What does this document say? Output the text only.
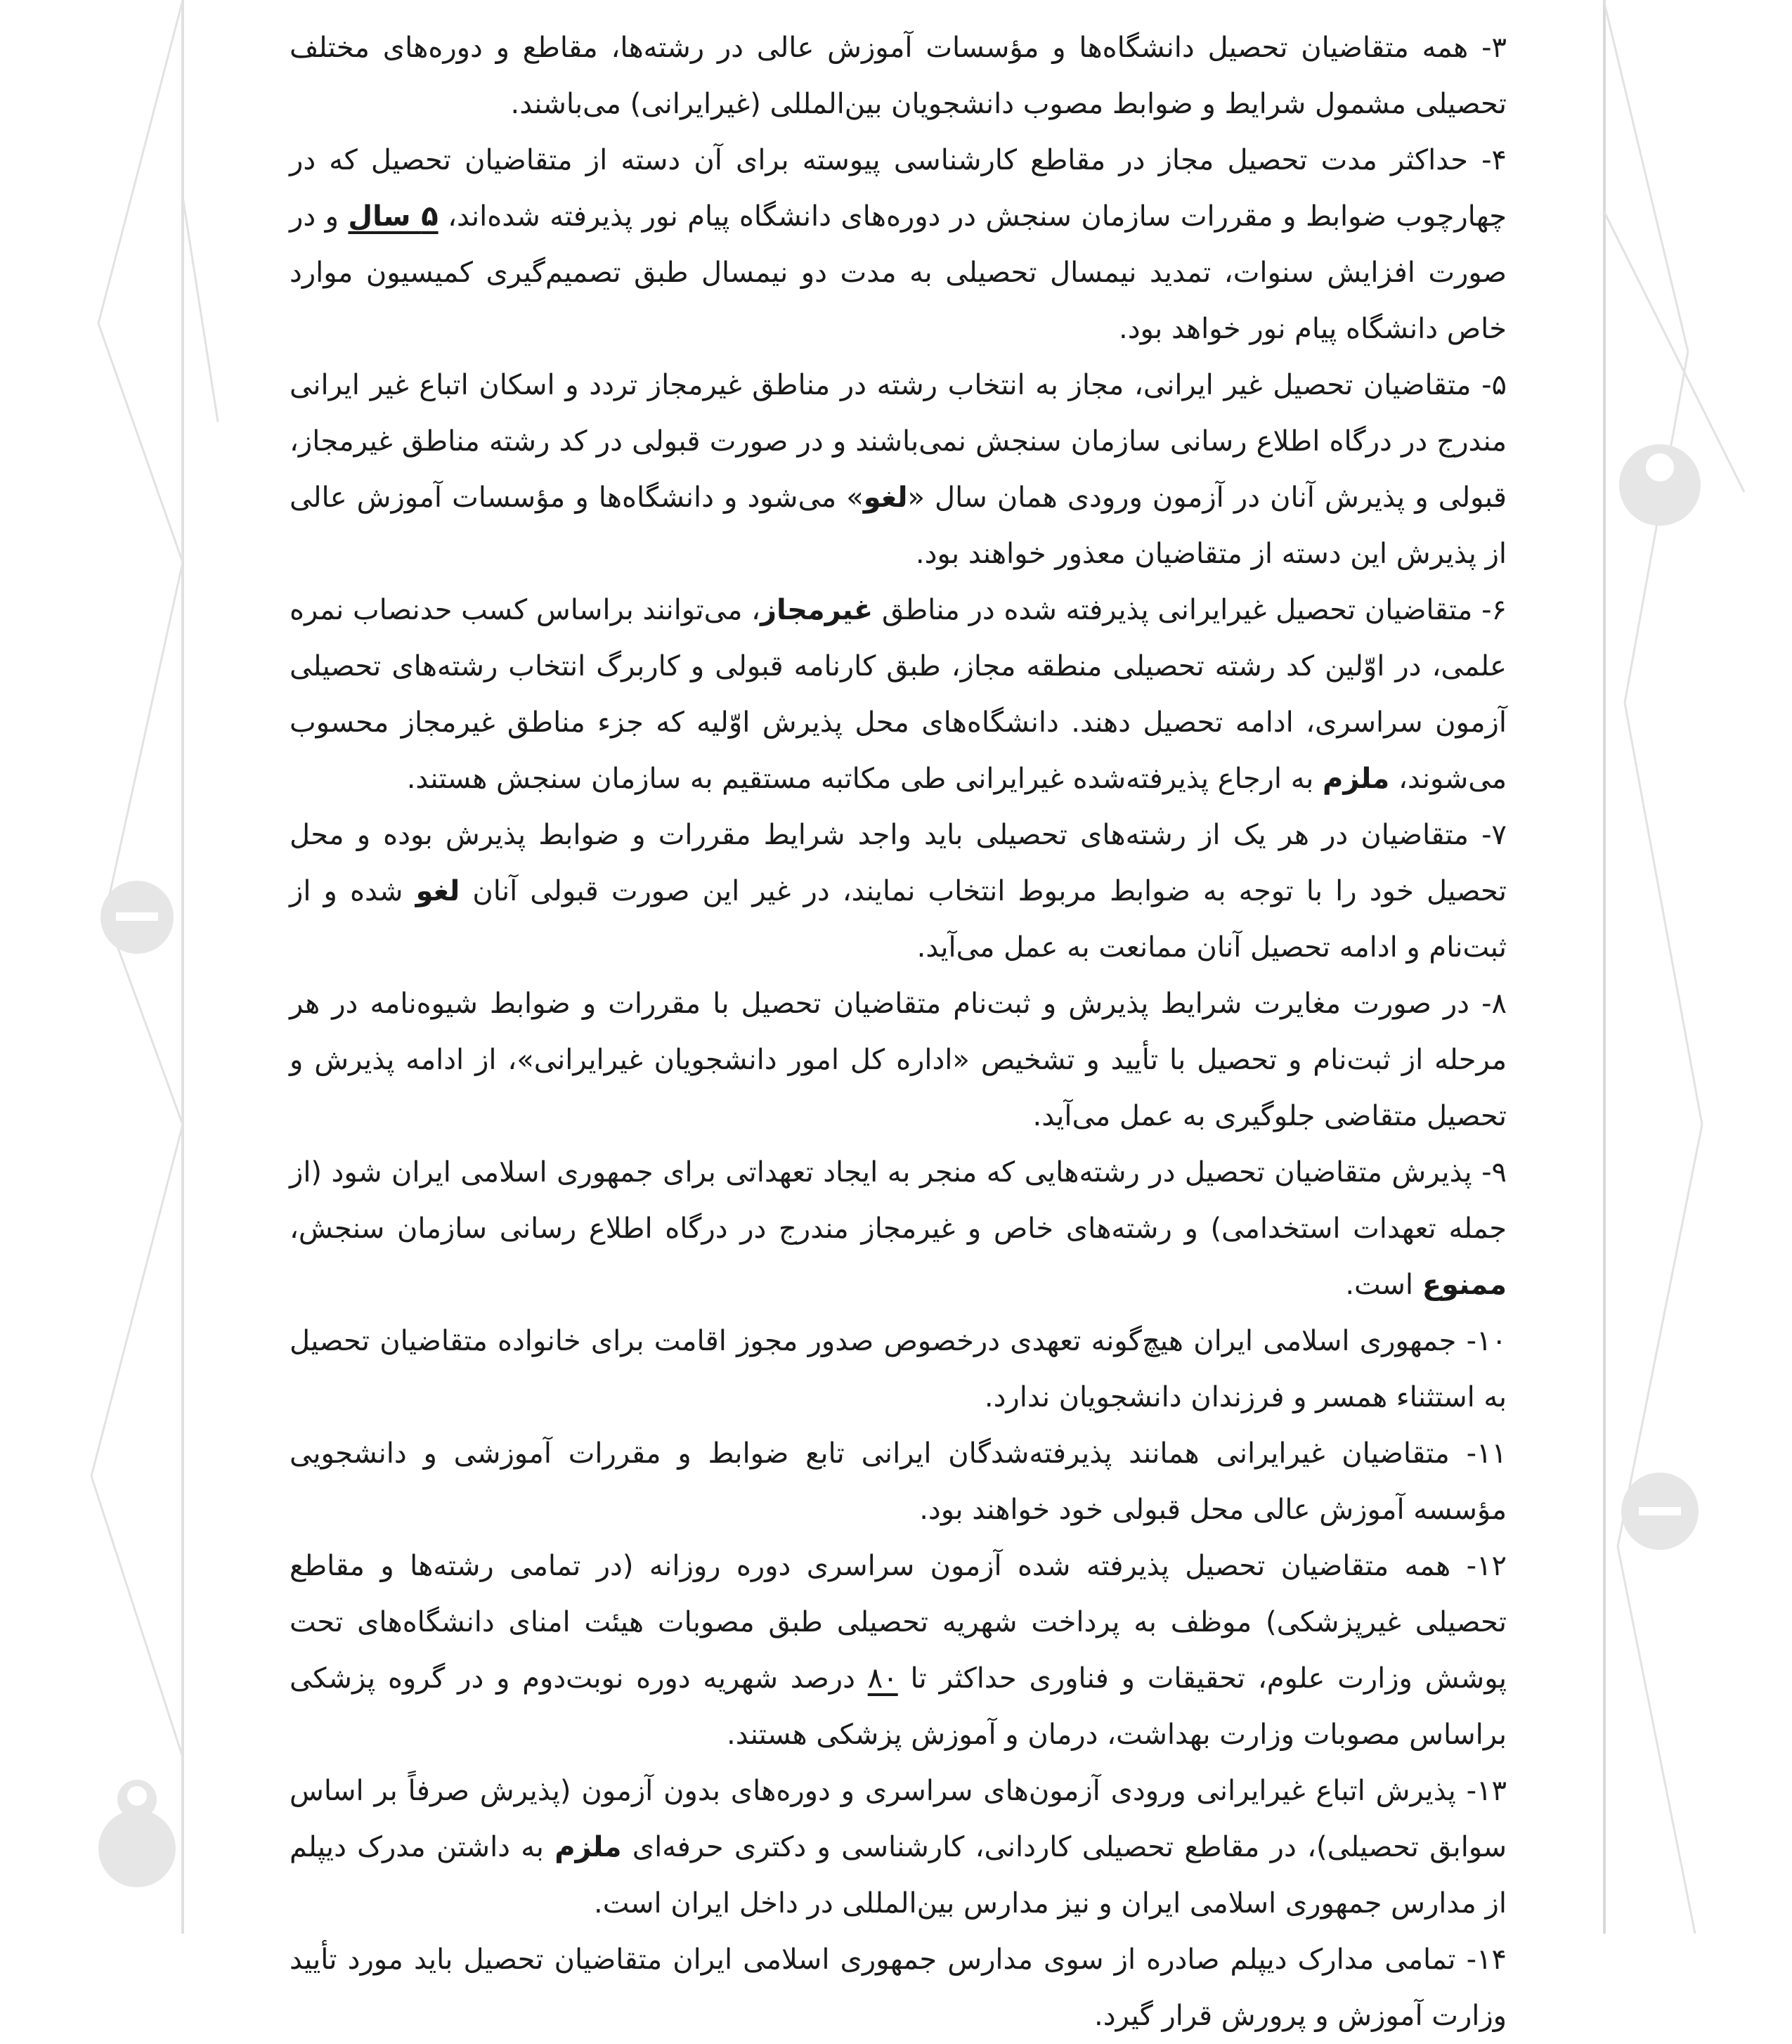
۳- همه متقاضیان تحصیل دانشگاه‌ها و مؤسسات آموزش عالی در رشته‌ها، مقاطع و دوره‌های مختلف تحصیلی مشمول شرایط و ضوابط مصوب دانشجویان بین‌المللی (غیرایرانی) می‌باشند.

۴- حداکثر مدت تحصیل مجاز در مقاطع کارشناسی پیوسته برای آن دسته از متقاضیان تحصیل که در چهارچوب ضوابط و مقررات سازمان سنجش در دوره‌های دانشگاه پیام نور پذیرفته شده‌اند، ۵ سال و در صورت افزایش سنوات، تمدید نیمسال تحصیلی به مدت دو نیمسال طبق تصمیم‌گیری کمیسیون موارد خاص دانشگاه پیام نور خواهد بود.

۵- متقاضیان تحصیل غیر ایرانی، مجاز به انتخاب رشته در مناطق غیرمجاز تردد و اسکان اتباع غیر ایرانی مندرج در درگاه اطلاع رسانی سازمان سنجش نمی‌باشند و در صورت قبولی در کد رشته مناطق غیرمجاز، قبولی و پذیرش آنان در آزمون ورودی همان سال «لغو» می‌شود و دانشگاه‌ها و مؤسسات آموزش عالی از پذیرش این دسته از متقاضیان معذور خواهند بود.

۶- متقاضیان تحصیل غیرایرانی پذیرفته شده در مناطق غیرمجاز، می‌توانند براساس کسب حدنصاب نمره علمی، در اوّلین کد رشته تحصیلی منطقه مجاز، طبق کارنامه قبولی و کاربرگ انتخاب رشته‌های تحصیلی آزمون سراسری، ادامه تحصیل دهند. دانشگاه‌های محل پذیرش اوّلیه که جزء مناطق غیرمجاز محسوب می‌شوند، ملزم به ارجاع پذیرفته‌شده غیرایرانی طی مکاتبه مستقیم به سازمان سنجش هستند.

۷- متقاضیان در هر یک از رشته‌های تحصیلی باید واجد شرایط مقررات و ضوابط پذیرش بوده و محل تحصیل خود را با توجه به ضوابط مربوط انتخاب نمایند، در غیر این صورت قبولی آنان لغو شده و از ثبت‌نام و ادامه تحصیل آنان ممانعت به عمل می‌آید.

۸- در صورت مغایرت شرایط پذیرش و ثبت‌نام متقاضیان تحصیل با مقررات و ضوابط شیوه‌نامه در هر مرحله از ثبت‌نام و تحصیل با تأیید و تشخیص «اداره کل امور دانشجویان غیرایرانی»، از ادامه پذیرش و تحصیل متقاضی جلوگیری به عمل می‌آید.

۹- پذیرش متقاضیان تحصیل در رشته‌هایی که منجر به ایجاد تعهداتی برای جمهوری اسلامی ایران شود (از جمله تعهدات استخدامی) و رشته‌های خاص و غیرمجاز مندرج در درگاه اطلاع رسانی سازمان سنجش، ممنوع است.

۱۰- جمهوری اسلامی ایران هیچ‌گونه تعهدی درخصوص صدور مجوز اقامت برای خانواده متقاضیان تحصیل به استثناء همسر و فرزندان دانشجویان ندارد.

۱۱- متقاضیان غیرایرانی همانند پذیرفته‌شدگان ایرانی تابع ضوابط و مقررات آموزشی و دانشجویی مؤسسه آموزش عالی محل قبولی خود خواهند بود.

۱۲- همه متقاضیان تحصیل پذیرفته شده آزمون سراسری دوره روزانه (در تمامی رشته‌ها و مقاطع تحصیلی غیرپزشکی) موظف به پرداخت شهریه تحصیلی طبق مصوبات هیئت امنای دانشگاه‌های تحت پوشش وزارت علوم، تحقیقات و فناوری حداکثر تا ۸۰ درصد شهریه دوره نوبت‌دوم و در گروه پزشکی براساس مصوبات وزارت بهداشت، درمان و آموزش پزشکی هستند.

۱۳- پذیرش اتباع غیرایرانی ورودی آزمون‌های سراسری و دوره‌های بدون آزمون (پذیرش صرفاً بر اساس سوابق تحصیلی)، در مقاطع تحصیلی کاردانی، کارشناسی و دکتری حرفه‌ای ملزم به داشتن مدرک دیپلم از مدارس جمهوری اسلامی ایران و نیز مدارس بین‌المللی در داخل ایران است.

۱۴- تمامی مدارک دیپلم صادره از سوی مدارس جمهوری اسلامی ایران متقاضیان تحصیل باید مورد تأیید وزارت آموزش و پرورش قرار گیرد.
